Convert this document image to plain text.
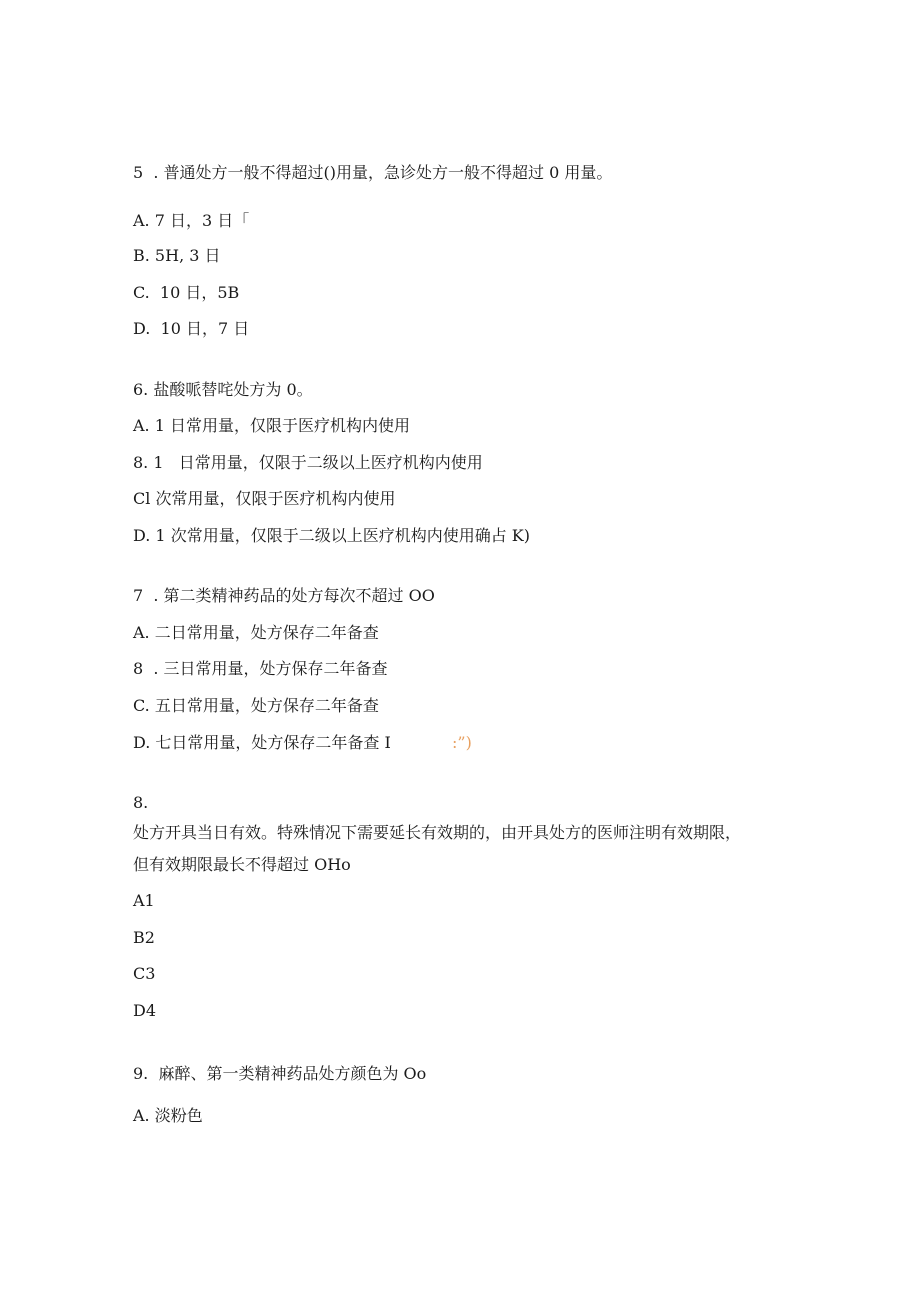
5  . 普通处方一般不得超过()用量，急诊处方一般不得超过 0 用量。
A. 7 日，3 日「
B. 5H, 3 日
C.  10 日，5B
D.  10 日，7 日
6. 盐酸哌替咤处方为 0。
A. 1 日常用量，仅限于医疗机构内使用
8. 1   日常用量，仅限于二级以上医疗机构内使用
Cl 次常用量，仅限于医疗机构内使用
D. 1 次常用量，仅限于二级以上医疗机构内使用确占 K)
7  . 第二类精神药品的处方每次不超过 OO
A. 二日常用量，处方保存二年备查
8  . 三日常用量，处方保存二年备查
C. 五日常用量，处方保存二年备查
D. 七日常用量，处方保存二年备查 I	:”)
8.
处方开具当日有效。特殊情况下需要延长有效期的，由开具处方的医师注明有效期限，
但有效期限最长不得超过 OHo
A1
B2
C3
D4
9.  麻醉、第一类精神药品处方颜色为 Oo
A. 淡粉色
